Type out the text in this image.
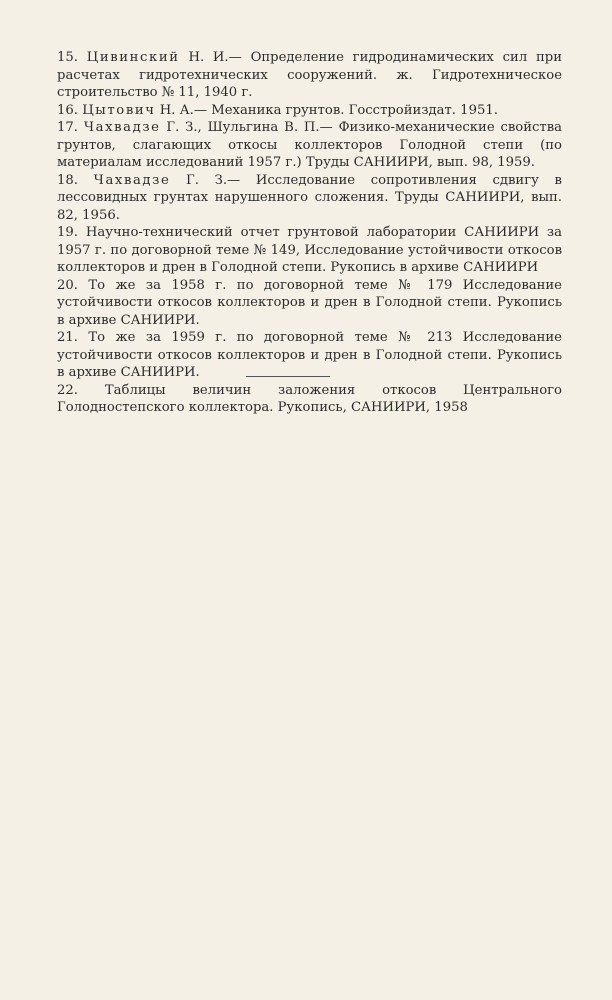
15. Цивинский Н. И.— Определение гидродинамических сил при расчетах гидротехнических сооружений. ж. Гидротехническое строительство № 11, 1940 г.

16. Цытович Н. А.— Механика грунтов. Госстройиздат. 1951.

17. Чахвадзе Г. З., Шульгина В. П.— Физико-механические свойства грунтов, слагающих откосы коллекторов Голодной степи (по материалам исследований 1957 г.) Труды САНИИРИ, вып. 98, 1959.

18. Чахвадзе Г. З.— Исследование сопротивления сдвигу в лессовидных грунтах нарушенного сложения. Труды САНИИРИ, вып. 82, 1956.

19. Научно-технический отчет грунтовой лаборатории САНИИРИ за 1957 г. по договорной теме № 149, Исследование устойчивости откосов коллекторов и дрен в Голодной степи. Рукопись в архиве САНИИРИ

20. То же за 1958 г. по договорной теме № 179 Исследование устойчивости откосов коллекторов и дрен в Голодной степи. Рукопись в архиве САНИИРИ.

21. То же за 1959 г. по договорной теме № 213 Исследование устойчивости откосов коллекторов и дрен в Голодной степи. Рукопись в архиве САНИИРИ.

22. Таблицы величин заложения откосов Центрального Голодностепского коллектора. Рукопись, САНИИРИ, 1958
